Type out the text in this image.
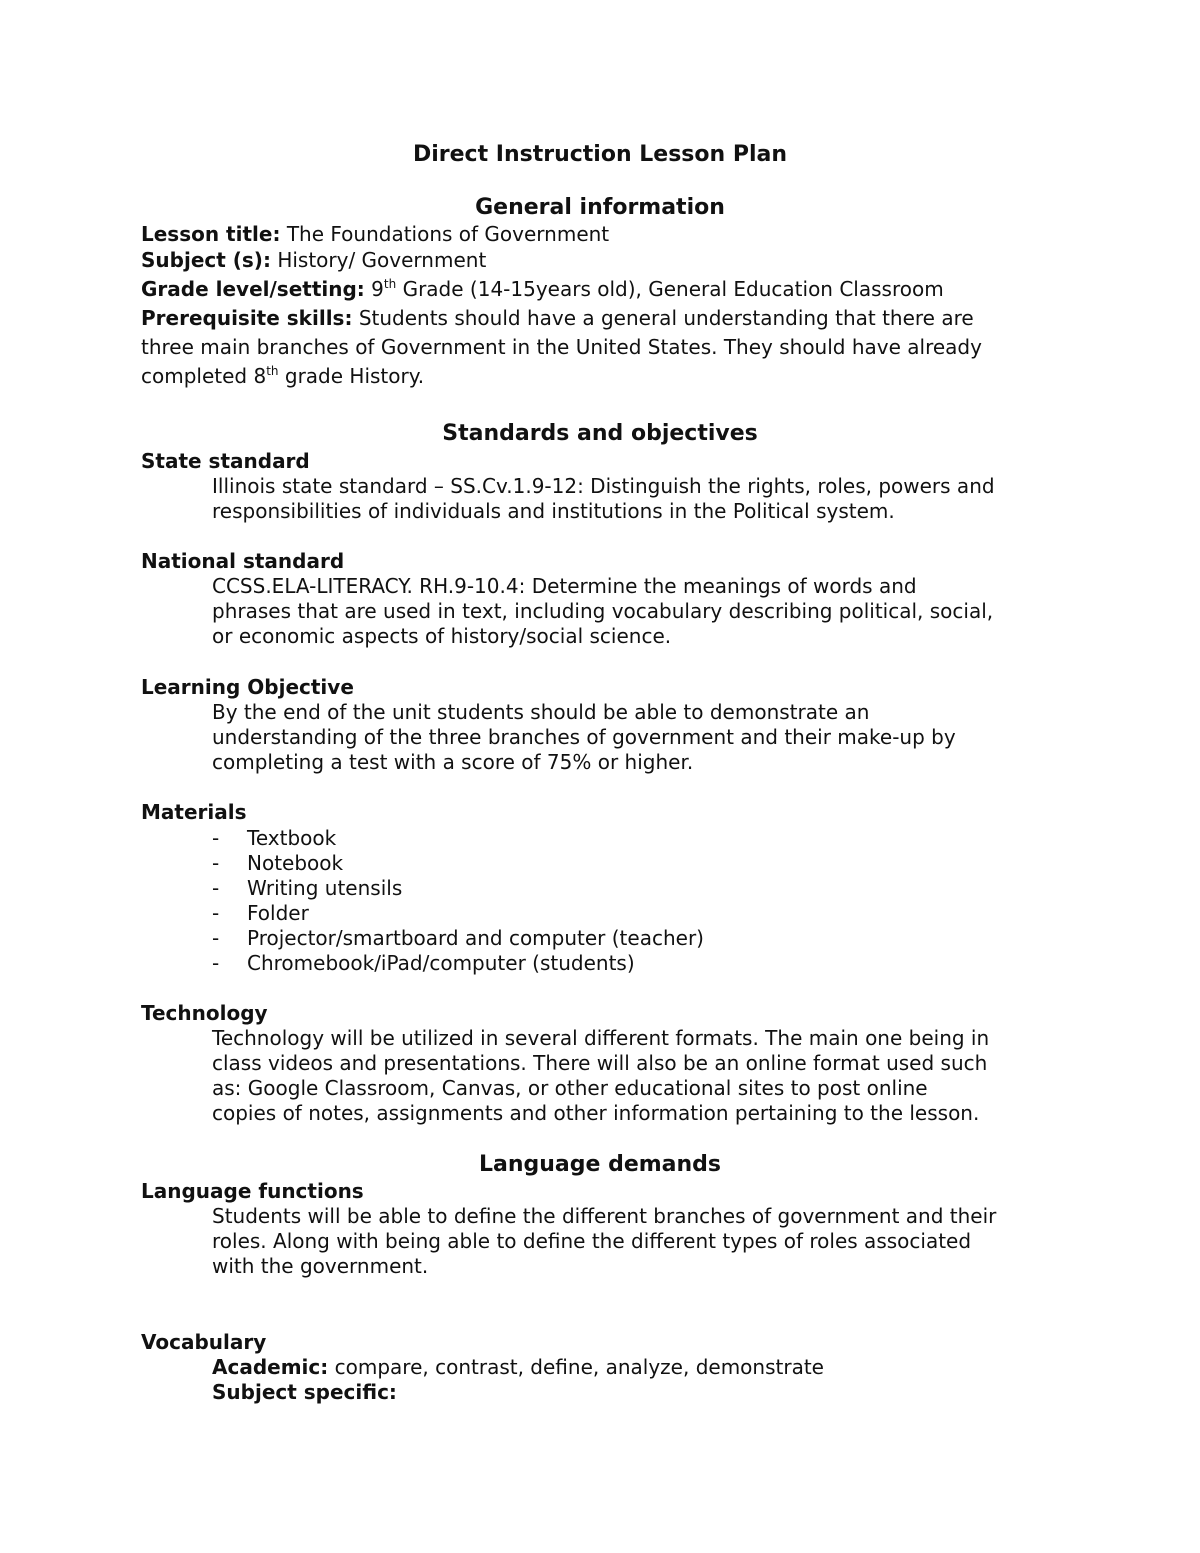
Direct Instruction Lesson Plan
General information
Lesson title: The Foundations of Government
Subject (s): History/ Government
Grade level/setting: 9th Grade (14-15years old), General Education Classroom
Prerequisite skills: Students should have a general understanding that there are
three main branches of Government in the United States. They should have already
completed 8th grade History.
Standards and objectives
State standard
Illinois state standard – SS.Cv.1.9-12: Distinguish the rights, roles, powers and
responsibilities of individuals and institutions in the Political system.
National standard
CCSS.ELA-LITERACY. RH.9-10.4: Determine the meanings of words and
phrases that are used in text, including vocabulary describing political, social,
or economic aspects of history/social science.
Learning Objective
By the end of the unit students should be able to demonstrate an
understanding of the three branches of government and their make-up by
completing a test with a score of 75% or higher.
Materials
- Textbook
- Notebook
- Writing utensils
- Folder
- Projector/smartboard and computer (teacher)
- Chromebook/iPad/computer (students)
Technology
Technology will be utilized in several different formats. The main one being in
class videos and presentations. There will also be an online format used such
as: Google Classroom, Canvas, or other educational sites to post online
copies of notes, assignments and other information pertaining to the lesson.
Language demands
Language functions
Students will be able to define the different branches of government and their
roles. Along with being able to define the different types of roles associated
with the government.
Vocabulary
Academic: compare, contrast, define, analyze, demonstrate
Subject specific:
